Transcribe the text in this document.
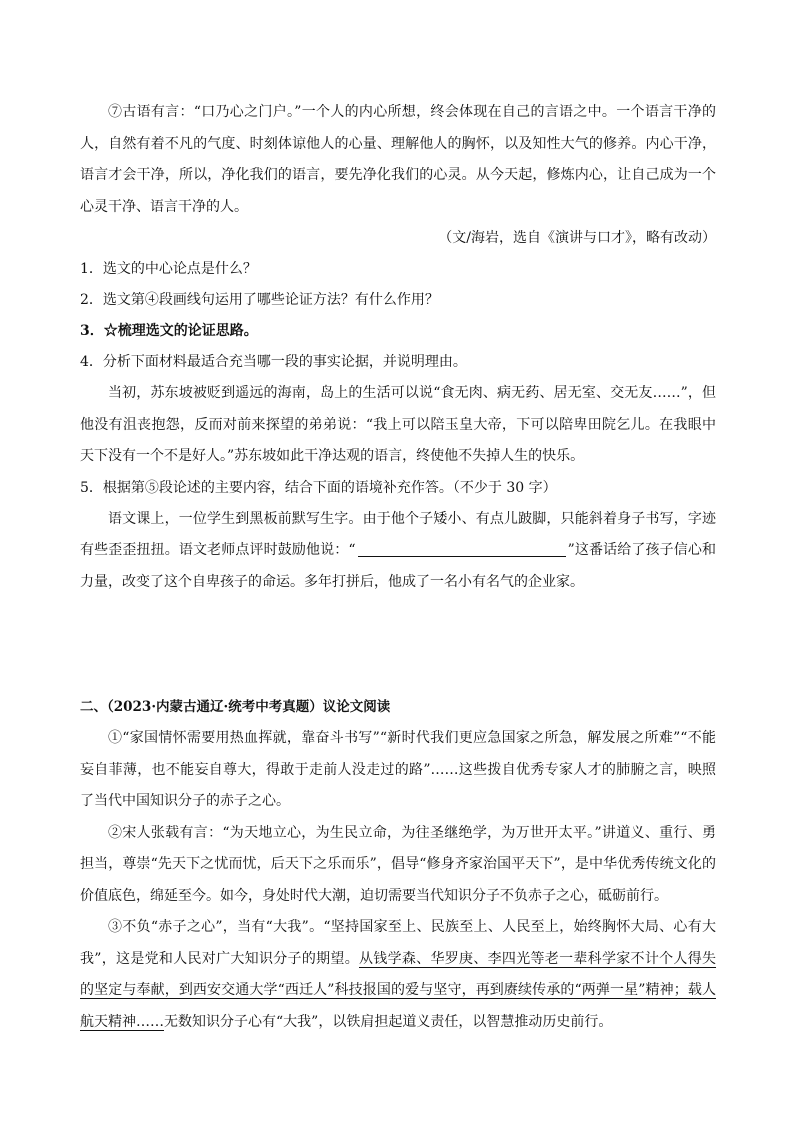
⑦古语有言：“口乃心之门户。”一个人的内心所想，终会体现在自己的言语之中。一个语言干净的人，自然有着不凡的气度、时刻体谅他人的心量、理解他人的胸怀，以及知性大气的修养。内心干净，语言才会干净，所以，净化我们的语言，要先净化我们的心灵。从今天起，修炼内心，让自己成为一个心灵干净、语言干净的人。

（文/海岩，选自《演讲与口才》，略有改动）

1．选文的中心论点是什么？

2．选文第④段画线句运用了哪些论证方法？有什么作用？

3．☆梳理选文的论证思路。

4．分析下面材料最适合充当哪一段的事实论据，并说明理由。

当初，苏东坡被贬到遥远的海南，岛上的生活可以说“食无肉、病无药、居无室、交无友……”，但他没有沮丧抱怨，反而对前来探望的弟弟说：“我上可以陪玉皇大帝，下可以陪卑田院乞儿。在我眼中天下没有一个不是好人。”苏东坡如此干净达观的语言，终使他不失掉人生的快乐。

5．根据第⑤段论述的主要内容，结合下面的语境补充作答。（不少于 30 字）

语文课上，一位学生到黑板前默写生字。由于他个子矮小、有点儿跛脚，只能斜着身子书写，字迹有些歪歪扭扭。语文老师点评时鼓励他说：“	”这番话给了孩子信心和力量，改变了这个自卑孩子的命运。多年打拼后，他成了一名小有名气的企业家。

二、（2023·内蒙古通辽·统考中考真题）议论文阅读

①“家国情怀需要用热血挥就，靠奋斗书写”“新时代我们更应急国家之所急，解发展之所难”“不能妄自菲薄，也不能妄自尊大，得敢于走前人没走过的路”……这些拨自优秀专家人才的肺腑之言，映照了当代中国知识分子的赤子之心。

②宋人张载有言：“为天地立心，为生民立命，为往圣继绝学，为万世开太平。”讲道义、重行、勇担当，尊崇“先天下之忧而忧，后天下之乐而乐”，倡导“修身齐家治国平天下”，是中华优秀传统文化的价值底色，绵延至今。如今，身处时代大潮，迫切需要当代知识分子不负赤子之心，砥砺前行。

③不负“赤子之心”，当有“大我”。“坚持国家至上、民族至上、人民至上，始终胸怀大局、心有大我”，这是党和人民对广大知识分子的期望。从钱学森、华罗庚、李四光等老一辈科学家不计个人得失的坚定与奉献，到西安交通大学“西迁人”科技报国的爱与坚守，再到赓续传承的“两弹一星”精神；载人航天精神……无数知识分子心有“大我”，以铁肩担起道义责任，以智慧推动历史前行。
